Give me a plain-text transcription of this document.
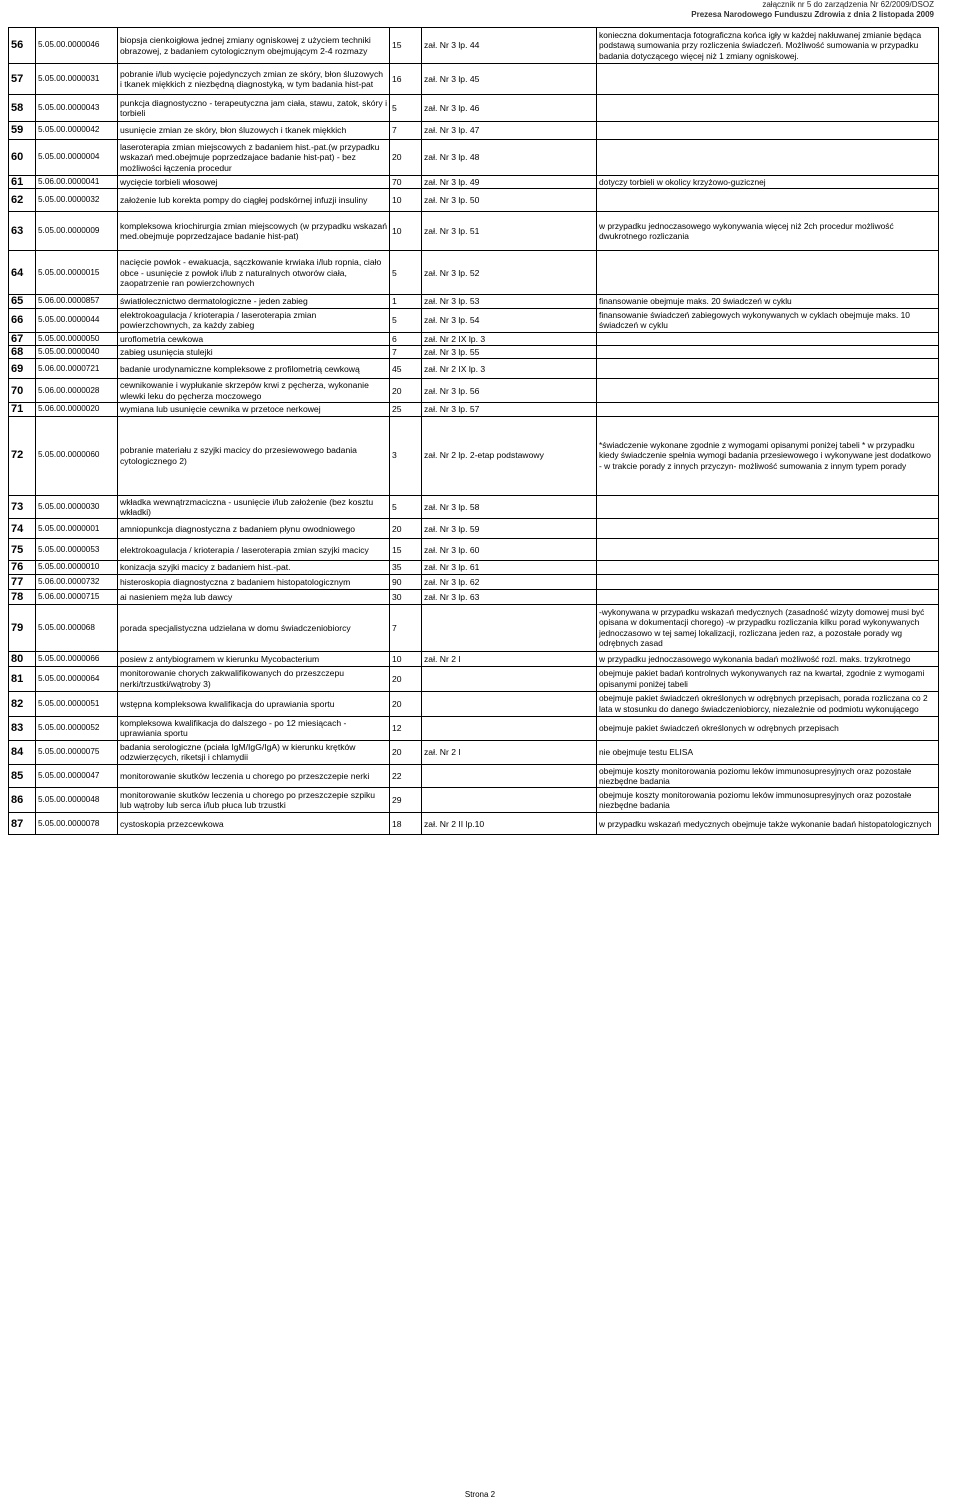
załącznik nr 5 do zarządzenia Nr 62/2009/DSOZ
Prezesa Narodowego Funduszu Zdrowia z dnia 2 listopada 2009
56	5.05.00.0000046	biopsja cienkoigłowa jednej zmiany ogniskowej z użyciem techniki obrazowej, z badaniem cytologicznym obejmującym 2-4 rozmazy	15	zał. Nr 3 lp. 44	konieczna dokumentacja fotograficzna końca igły w każdej nakłuwanej zmianie będąca podstawą sumowania przy rozliczenia świadczeń. Możliwość sumowania w przypadku badania dotyczącego więcej niż 1 zmiany ogniskowej.
57	5.05.00.0000031	pobranie i/lub wycięcie pojedynczych zmian ze skóry, błon śluzowych i tkanek miękkich z niezbędną diagnostyką, w tym badania hist-pat	16	zał. Nr 3 lp. 45	
58	5.05.00.0000043	punkcja diagnostyczno - terapeutyczna jam ciała, stawu, zatok, skóry i torbieli	5	zał. Nr 3 lp. 46	
59	5.05.00.0000042	usunięcie zmian ze skóry, błon śluzowych i tkanek miękkich	7	zał. Nr 3 lp. 47	
60	5.05.00.0000004	laseroterapia zmian miejscowych z badaniem hist.-pat.(w przypadku wskazań med.obejmuje poprzedzajace badanie hist-pat) - bez możliwości łączenia procedur	20	zał. Nr 3 lp. 48	
61	5.06.00.0000041	wycięcie torbieli włosowej	70	zał. Nr 3 lp. 49	dotyczy torbieli w okolicy krzyżowo-guzicznej
62	5.05.00.0000032	założenie lub korekta pompy do ciągłej podskórnej infuzji insuliny	10	zał. Nr 3 lp. 50	
63	5.05.00.0000009	kompleksowa kriochirurgia zmian miejscowych (w przypadku wskazań med.obejmuje poprzedzajace badanie hist-pat)	10	zał. Nr 3 lp. 51	w przypadku jednoczasowego wykonywania więcej niż 2ch procedur możliwość dwukrotnego rozliczania
64	5.05.00.0000015	nacięcie powłok - ewakuacja, sączkowanie krwiaka i/lub ropnia, ciało obce - usunięcie z powłok i/lub z naturalnych otworów ciała, zaopatrzenie ran powierzchownych	5	zał. Nr 3 lp. 52	
65	5.06.00.0000857	światłolecznictwo dermatologiczne - jeden zabieg	1	zał. Nr 3 lp. 53	finansowanie obejmuje maks. 20 świadczeń w cyklu
66	5.05.00.0000044	elektrokoagulacja / krioterapia / laseroterapia zmian powierzchownych, za każdy zabieg	5	zał. Nr 3 lp. 54	finansowanie świadczeń zabiegowych wykonywanych w cyklach obejmuje maks. 10 świadczeń w cyklu
67	5.05.00.0000050	uroflometria cewkowa	6	zał. Nr 2 IX lp. 3	
68	5.05.00.0000040	zabieg usunięcia stulejki	7	zał. Nr 3 lp. 55	
69	5.06.00.0000721	badanie urodynamiczne kompleksowe z profilometrią cewkową	45	zał. Nr 2 IX lp. 3	
70	5.06.00.0000028	cewnikowanie i wypłukanie skrzepów krwi z pęcherza, wykonanie wlewki leku do pęcherza moczowego	20	zał. Nr 3 lp. 56	
71	5.06.00.0000020	wymiana lub usunięcie cewnika w przetoce nerkowej	25	zał. Nr 3 lp. 57	
72	5.05.00.0000060	pobranie materiału z szyjki macicy do przesiewowego badania cytologicznego 2)	3	zał. Nr 2 lp. 2-etap podstawowy	*świadczenie wykonane zgodnie z wymogami opisanymi poniżej tabeli * w przypadku kiedy świadczenie spełnia wymogi badania przesiewowego i wykonywane jest dodatkowo - w trakcie porady z innych przyczyn- możliwość sumowania z innym typem porady
73	5.05.00.0000030	wkładka wewnątrzmaciczna - usunięcie i/lub założenie (bez kosztu wkładki)	5	zał. Nr 3 lp. 58	
74	5.05.00.0000001	amniopunkcja diagnostyczna z badaniem płynu owodniowego	20	zał. Nr 3 lp. 59	
75	5.05.00.0000053	elektrokoagulacja / krioterapia / laseroterapia zmian szyjki macicy	15	zał. Nr 3 lp. 60	
76	5.05.00.0000010	konizacja szyjki macicy z badaniem hist.-pat.	35	zał. Nr 3 lp. 61	
77	5.06.00.0000732	histeroskopia diagnostyczna z badaniem histopatologicznym	90	zał. Nr 3 lp. 62	
78	5.06.00.0000715	ai nasieniem męża lub dawcy	30	zał. Nr 3 lp. 63	
79	5.05.00.000068	porada specjalistyczna udzielana w domu świadczeniobiorcy	7		-wykonywana w przypadku wskazań medycznych (zasadność wizyty domowej musi być opisana w dokumentacji chorego) -w przypadku rozliczania kilku porad wykonywanych jednoczasowo w tej samej lokalizacji, rozliczana jeden raz, a pozostałe porady wg odrębnych zasad
80	5.05.00.0000066	posiew z antybiogramem w kierunku Mycobacterium	10	zał. Nr 2 I	w przypadku jednoczasowego wykonania badań możliwość rozl. maks. trzykrotnego
81	5.05.00.0000064	monitorowanie chorych zakwalifikowanych do przeszczepu nerki/trzustki/wątroby 3)	20		obejmuje pakiet badań kontrolnych wykonywanych raz na kwartał, zgodnie z wymogami opisanymi poniżej tabeli
82	5.05.00.0000051	wstępna kompleksowa kwalifikacja do uprawiania sportu	20		obejmuje pakiet świadczeń określonych w odrębnych przepisach, porada rozliczana co 2 lata w stosunku do danego świadczeniobiorcy, niezależnie od podmiotu wykonującego
83	5.05.00.0000052	kompleksowa kwalifikacja do dalszego - po 12 miesiącach - uprawiania sportu	12		obejmuje pakiet świadczeń określonych w odrębnych przepisach
84	5.05.00.0000075	badania serologiczne (pciała IgM/IgG/IgA) w kierunku krętków odzwierzęcych, riketsji i chlamydii	20	zał. Nr 2 I	nie obejmuje testu ELISA
85	5.05.00.0000047	monitorowanie skutków leczenia u chorego po przeszczepie nerki	22		obejmuje koszty monitorowania poziomu leków immunosupresyjnych oraz pozostałe niezbędne badania
86	5.05.00.0000048	monitorowanie skutków leczenia u chorego po przeszczepie szpiku lub wątroby lub serca i/lub płuca lub trzustki	29		obejmuje koszty monitorowania poziomu leków immunosupresyjnych oraz pozostałe niezbędne badania
87	5.05.00.0000078	cystoskopia przezcewkowa	18	zał. Nr 2 II lp.10	w przypadku wskazań medycznych obejmuje także wykonanie badań histopatologicznych
Strona 2
